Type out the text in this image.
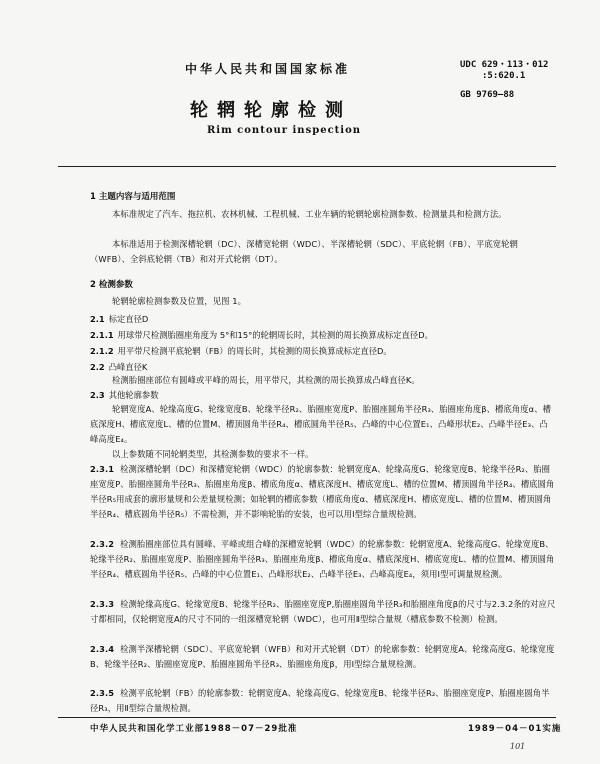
中华人民共和国国家标准	UDC 629・113・012
:5:620.1
GB 9769—88
轮辋轮廓检测
Rim contour inspection
1 主题内容与适用范围
本标准规定了汽车、拖拉机、农林机械、工程机械、工业车辆的轮辋轮廓检测参数、检测量具和检测方法。
本标准适用于检测深槽轮辋（DC）、深槽宽轮辋（WDC）、半深槽轮辋（SDC）、平底轮辋（FB）、平底宽轮辋（WFB）、全斜底轮辋（TB）和对开式轮辋（DT）。
2 检测参数
轮辋轮廓检测参数及位置，见图 1。
2.1 标定直径D
2.1.1 用球带尺检测胎圈座角度为 5°和15°的轮辋周长时，其检测的周长换算成标定直径D。
2.1.2 用平带尺检测平底轮辋（FB）的周长时，其检测的周长换算成标定直径D。
2.2 凸峰直径K
检测胎圈座部位有圆峰或平峰的周长，用平带尺，其检测的周长换算成凸峰直径K。
2.3 其他轮廓参数
轮辋宽度A、轮缘高度G、轮缘宽度B、轮缘半径R₂、胎圈座宽度P、胎圈座圆角半径R₃、胎圈座角度β、槽底角度α、槽底深度H、槽底宽度L、槽的位置M、槽顶圆角半径R₄、槽底圆角半径R₅、凸峰的中心位置E₁、凸峰形状E₂、凸峰半径E₃、凸峰高度E₄。
以上参数随不同轮辋类型，其检测参数的要求不一样。
2.3.1 检测深槽轮辋（DC）和深槽宽轮辋（WDC）的轮廓参数：轮辋宽度A、轮缘高度G、轮缘宽度B、轮缘半径R₂、胎圈座宽度P、胎圈座圆角半径R₃、胎圈座角度β、槽底角度α、槽底深度H、槽底宽度L、槽的位置M、槽顶圆角半径R₄、槽底圆角半径R₅用成套的廓形量规和公差量规检测；如轮辋的槽底参数（槽底角度α、槽底深度H、槽底宽度L、槽的位置M、槽顶圆角半径R₄、槽底圆角半径R₅）不需检测，并不影响轮胎的安装，也可以用Ⅰ型综合量规检测。
2.3.2 检测胎圈座部位具有圆峰、平峰或组合峰的深槽宽轮辋（WDC）的轮廓参数：轮辋宽度A、轮缘高度G、轮缘宽度B、轮缘半径R₂、胎圈座宽度P、胎圈座圆角半径R₃、胎圈座角度β、槽底角度α、槽底深度H、槽底宽度L、槽的位置M、槽顶圆角半径R₄、槽底圆角半径R₅、凸峰的中心位置E₁、凸峰形状E₂、凸峰半径E₃、凸峰高度E₄，须用Ⅰ型可调量规检测。
2.3.3 检测轮缘高度G、轮缘宽度B、轮缘半径R₂、胎圈座宽度P,胎圈座圆角半径R₃和胎圈座角度β的尺寸与2.3.2条的对应尺寸都相同，仅轮辋宽度A的尺寸不同的一组深槽宽轮辋（WDC），也可用Ⅱ型综合量规（槽底参数不检测）检测。
2.3.4 检测半深槽轮辋（SDC）、平底宽轮辋（WFB）和对开式轮辋（DT）的轮廓参数：轮辋宽度A、轮缘高度G、轮缘宽度B、轮缘半径R₂、胎圈座宽度P、胎圈座圆角半径R₃、胎圈座角度β，用Ⅰ型综合量规检测。
2.3.5 检测平底轮辋（FB）的轮廓参数：轮辋宽度A、轮缘高度G、轮缘宽度B、轮缘半径R₂、胎圈座宽度P、胎圈座圆角半径R₃，用Ⅱ型综合量规检测。
中华人民共和国化学工业部1988－07－29批准	1989－04－01实施
101
